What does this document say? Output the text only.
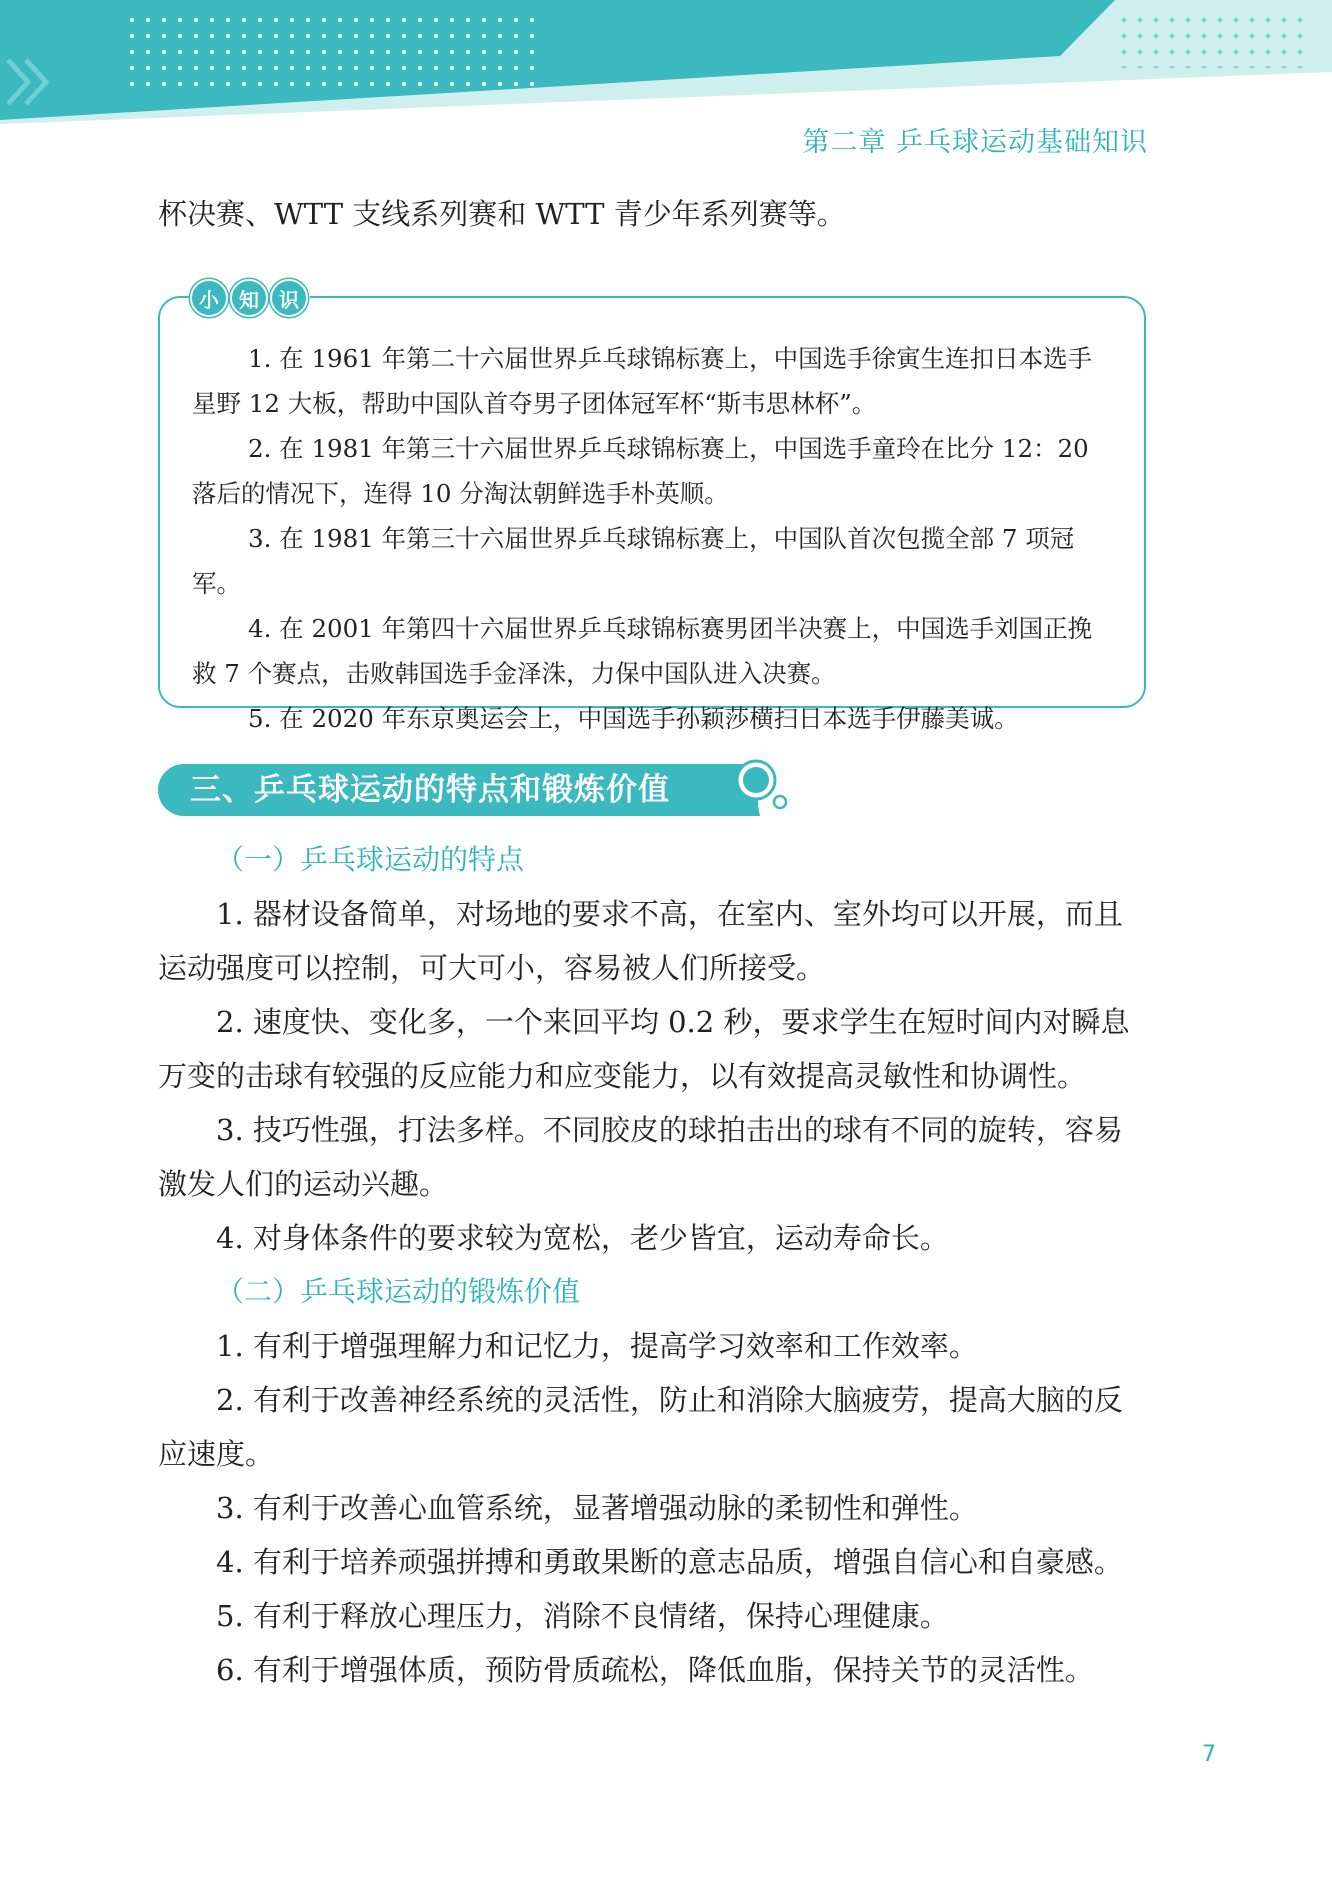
第二章 乒乓球运动基础知识

杯决赛、WTT 支线系列赛和 WTT 青少年系列赛等。

小	知	识

1. 在 1961 年第二十六届世界乒乓球锦标赛上，中国选手徐寅生连扣日本选手星野 12 大板，帮助中国队首夺男子团体冠军杯“斯韦思林杯”。

2. 在 1981 年第三十六届世界乒乓球锦标赛上，中国选手童玲在比分 12：20 落后的情况下，连得 10 分淘汰朝鲜选手朴英顺。

3. 在 1981 年第三十六届世界乒乓球锦标赛上，中国队首次包揽全部 7 项冠军。

4. 在 2001 年第四十六届世界乒乓球锦标赛男团半决赛上，中国选手刘国正挽救 7 个赛点，击败韩国选手金泽洙，力保中国队进入决赛。

5. 在 2020 年东京奥运会上，中国选手孙颖莎横扫日本选手伊藤美诚。

三、乒乓球运动的特点和锻炼价值

（一）乒乓球运动的特点

1. 器材设备简单，对场地的要求不高，在室内、室外均可以开展，而且运动强度可以控制，可大可小，容易被人们所接受。

2. 速度快、变化多，一个来回平均 0.2 秒，要求学生在短时间内对瞬息万变的击球有较强的反应能力和应变能力，以有效提高灵敏性和协调性。

3. 技巧性强，打法多样。不同胶皮的球拍击出的球有不同的旋转，容易激发人们的运动兴趣。

4. 对身体条件的要求较为宽松，老少皆宜，运动寿命长。

（二）乒乓球运动的锻炼价值

1. 有利于增强理解力和记忆力，提高学习效率和工作效率。

2. 有利于改善神经系统的灵活性，防止和消除大脑疲劳，提高大脑的反应速度。

3. 有利于改善心血管系统，显著增强动脉的柔韧性和弹性。

4. 有利于培养顽强拼搏和勇敢果断的意志品质，增强自信心和自豪感。

5. 有利于释放心理压力，消除不良情绪，保持心理健康。

6. 有利于增强体质，预防骨质疏松，降低血脂，保持关节的灵活性。

7
